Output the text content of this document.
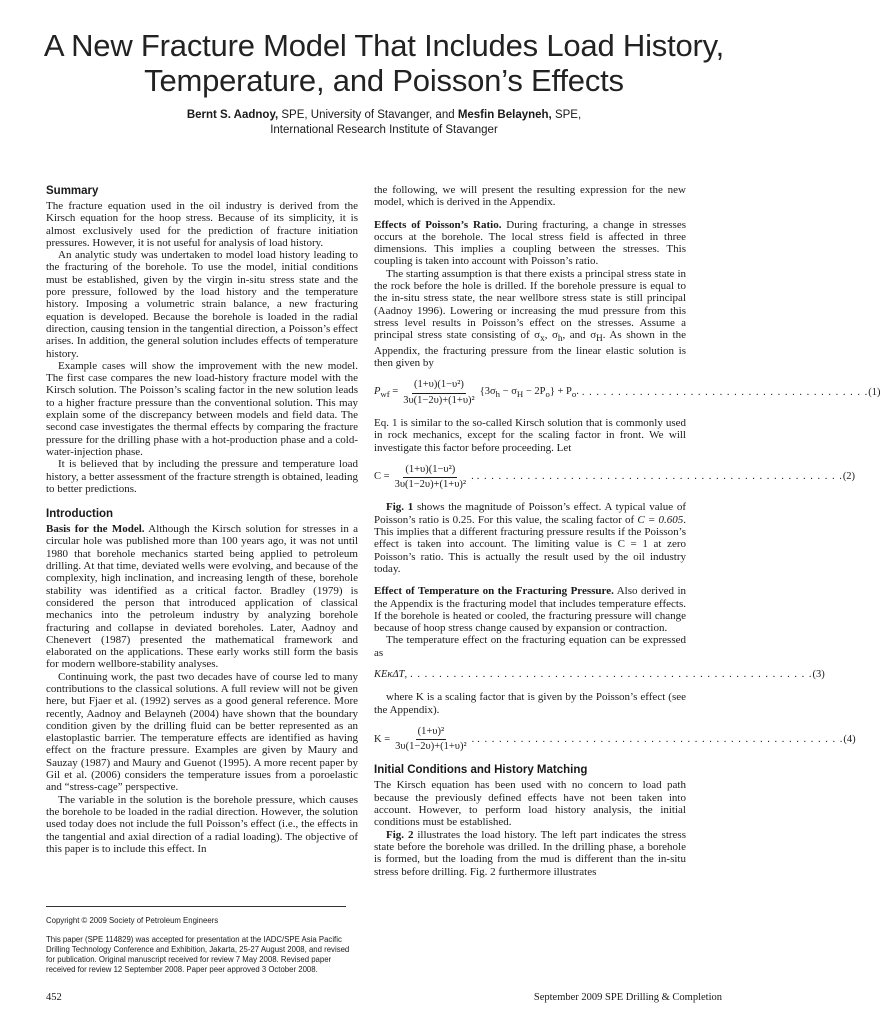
A New Fracture Model That Includes Load History, Temperature, and Poisson’s Effects
Bernt S. Aadnoy, SPE, University of Stavanger, and Mesfin Belayneh, SPE,
International Research Institute of Stavanger
Summary

The fracture equation used in the oil industry is derived from the Kirsch equation for the hoop stress. Because of its simplicity, it is almost exclusively used for the prediction of fracture initiation pressures. However, it is not useful for analysis of load history.

An analytic study was undertaken to model load history leading to the fracturing of the borehole. To use the model, initial conditions must be established, given by the virgin in-situ stress state and the pore pressure, followed by the load history and the temperature history. Imposing a volumetric strain balance, a new fracturing equation is developed. Because the borehole is loaded in the radial direction, causing tension in the tangential direction, a Poisson’s effect arises. In addition, the general solution includes effects of temperature history.

Example cases will show the improvement with the new model. The first case compares the new load-history fracture model with the Kirsch solution. The Poisson’s scaling factor in the new solution leads to a higher fracture pressure than the conventional solution. This may explain some of the discrepancy between models and field data. The second case investigates the thermal effects by comparing the fracture pressure for the drilling phase with a hot-production phase and a cold-water-injection phase.

It is believed that by including the pressure and temperature load history, a better assessment of the fracture strength is obtained, leading to better predictions.

Introduction

Basis for the Model. Although the Kirsch solution for stresses in a circular hole was published more than 100 years ago, it was not until 1980 that borehole mechanics started being applied to petroleum drilling. At that time, deviated wells were evolving, and because of the complexity, high inclination, and increasing length of these, borehole stability was identified as a critical factor. Bradley (1979) is considered the person that introduced application of classical mechanics into the petroleum industry by analyzing borehole fracturing and collapse in deviated boreholes. Later, Aadnoy and Chenevert (1987) presented the mathematical framework and elaborated on the applications. These early works still form the basis for modern wellbore-stability analyses.

Continuing work, the past two decades have of course led to many contributions to the classical solutions. A full review will not be given here, but Fjaer et al. (1992) serves as a good general reference. More recently, Aadnoy and Belayneh (2004) have shown that the boundary condition given by the drilling fluid can be better represented as an elastoplastic barrier. The temperature effects are identified as having effect on the fracture pressure. Examples are given by Maury and Sauzay (1987) and Maury and Guenot (1995). A more recent paper by Gil et al. (2006) considers the temperature issues from a poroelastic and “stress-cage” perspective.

The variable in the solution is the borehole pressure, which causes the borehole to be loaded in the radial direction. However, the solution used today does not include the full Poisson’s effect (i.e., the effects in the tangential and axial direction of a radial loading). The objective of this paper is to include this effect. In

the following, we will present the resulting expression for the new model, which is derived in the Appendix.

Effects of Poisson’s Ratio. During fracturing, a change in stresses occurs at the borehole. The local stress field is affected in three dimensions. This implies a coupling between the stresses. This coupling is taken into account with Poisson’s ratio.

The starting assumption is that there exists a principal stress state in the rock before the hole is drilled. If the borehole pressure is equal to the in-situ stress state, the near wellbore stress state is still principal (Aadnoy 1996). Lowering or increasing the mud pressure from this stress level results in Poisson’s effect on the stresses. Assume a principal stress state consisting of $\sigma_x$, $\sigma_h$, and $\sigma_H$. As shown in the Appendix, the fracturing pressure from the linear elastic solution is then given by

$P_{wf} = \frac{\text{(1+υ)(1−υ²)}}{\text{3υ(1−2υ)+(1+υ)²}} \{3\sigma_h - \sigma_H - 2P_o\} + P_o$. . . . . . . . . . . . . . . . . . . . . . . . . . . . . . . . . . . . . . . . . (1)

Eq. 1 is similar to the so-called Kirsch solution that is commonly used in rock mechanics, except for the scaling factor in front. We will investigate this factor before proceeding. Let

$C = \frac{\text{(1+υ)(1−υ²)}}{\text{3υ(1−2υ)+(1+υ)²}}$ . . . . . . . . . . . . . . . . . . . . . . . . . . . . . . . . . . . . . . . . . . . . . . . . . . . . (2)

Fig. 1 shows the magnitude of Poisson’s effect. A typical value of Poisson’s ratio is 0.25. For this value, the scaling factor of C = 0.605. This implies that a different fracturing pressure results if the Poisson’s effect is taken into account. The limiting value is C = 1 at zero Poisson’s ratio. This is actually the result used by the oil industry today.

Effect of Temperature on the Fracturing Pressure. Also derived in the Appendix is the fracturing model that includes temperature effects. If the borehole is heated or cooled, the fracturing pressure will change because of hoop stress change caused by expansion or contraction.

The temperature effect on the fracturing equation can be expressed as

KEκΔT , . . . . . . . . . . . . . . . . . . . . . . . . . . . . . . . . . . . . . . . . . . . . . . . . . . . . . . . . (3)

where K is a scaling factor that is given by the Poisson’s effect (see the Appendix).

$K = \frac{\text{(1+υ)²}}{\text{3υ(1−2υ)+(1+υ)²}}$ . . . . . . . . . . . . . . . . . . . . . . . . . . . . . . . . . . . . . . . . . . . . . . . . . . . . (4)
Initial Conditions and History Matching

The Kirsch equation has been used with no concern to load path because the previously defined effects have not been taken into account. However, to perform load history analysis, the initial conditions must be established.

Fig. 2 illustrates the load history. The left part indicates the stress state before the borehole was drilled. In the drilling phase, a borehole is formed, but the loading from the mud is different than the in-situ stress before drilling. Fig. 2 furthermore illustrates

Copyright © 2009 Society of Petroleum Engineers
This paper (SPE 114829) was accepted for presentation at the IADC/SPE Asia Pacific Drilling Technology Conference and Exhibition, Jakarta, 25-27 August 2008, and revised for publication. Original manuscript received for review 7 May 2008. Revised paper received for review 12 September 2008. Paper peer approved 3 October 2008.
452	September 2009 SPE Drilling & Completion
